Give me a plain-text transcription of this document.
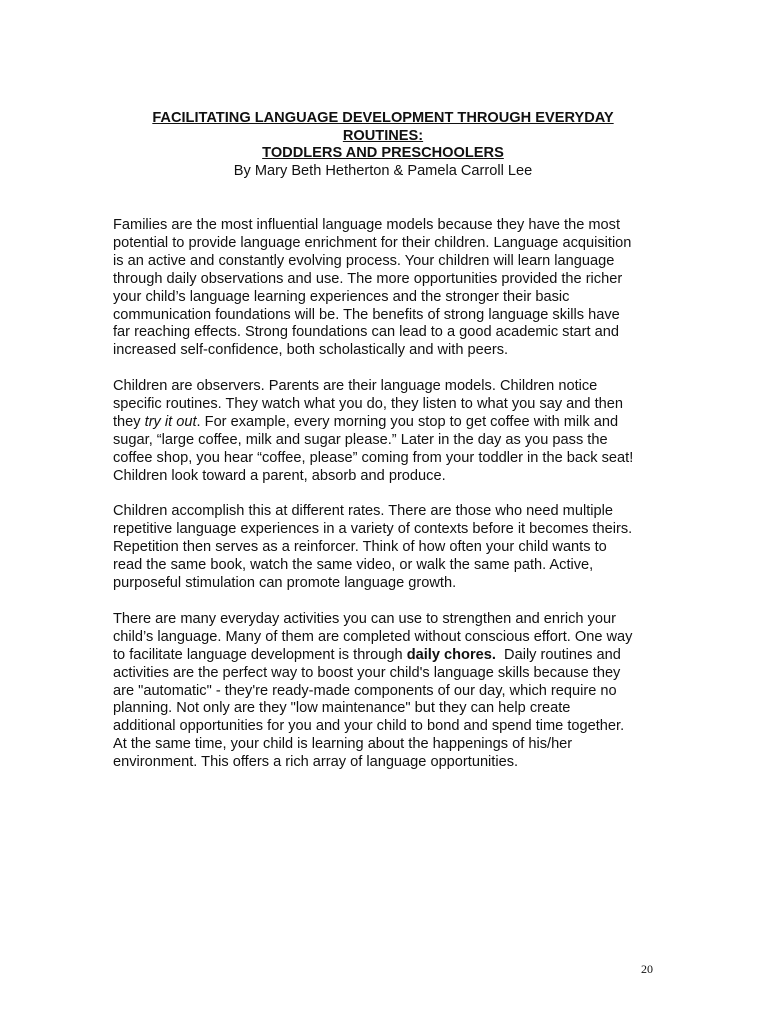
FACILITATING LANGUAGE DEVELOPMENT THROUGH EVERYDAY
ROUTINES:
TODDLERS AND PRESCHOOLERS
By Mary Beth Hetherton & Pamela Carroll Lee

Families are the most influential language models because they have the most
potential to provide language enrichment for their children. Language acquisition
is an active and constantly evolving process. Your children will learn language
through daily observations and use. The more opportunities provided the richer
your child’s language learning experiences and the stronger their basic
communication foundations will be. The benefits of strong language skills have
far reaching effects. Strong foundations can lead to a good academic start and
increased self-confidence, both scholastically and with peers.

Children are observers. Parents are their language models. Children notice
specific routines. They watch what you do, they listen to what you say and then
they try it out. For example, every morning you stop to get coffee with milk and
sugar, “large coffee, milk and sugar please.” Later in the day as you pass the
coffee shop, you hear “coffee, please” coming from your toddler in the back seat!
Children look toward a parent, absorb and produce.

Children accomplish this at different rates. There are those who need multiple
repetitive language experiences in a variety of contexts before it becomes theirs.
Repetition then serves as a reinforcer. Think of how often your child wants to
read the same book, watch the same video, or walk the same path. Active,
purposeful stimulation can promote language growth.

There are many everyday activities you can use to strengthen and enrich your
child’s language. Many of them are completed without conscious effort. One way
to facilitate language development is through daily chores.  Daily routines and
activities are the perfect way to boost your child's language skills because they
are "automatic" - they're ready-made components of our day, which require no
planning. Not only are they "low maintenance" but they can help create
additional opportunities for you and your child to bond and spend time together.
At the same time, your child is learning about the happenings of his/her
environment. This offers a rich array of language opportunities.

20
